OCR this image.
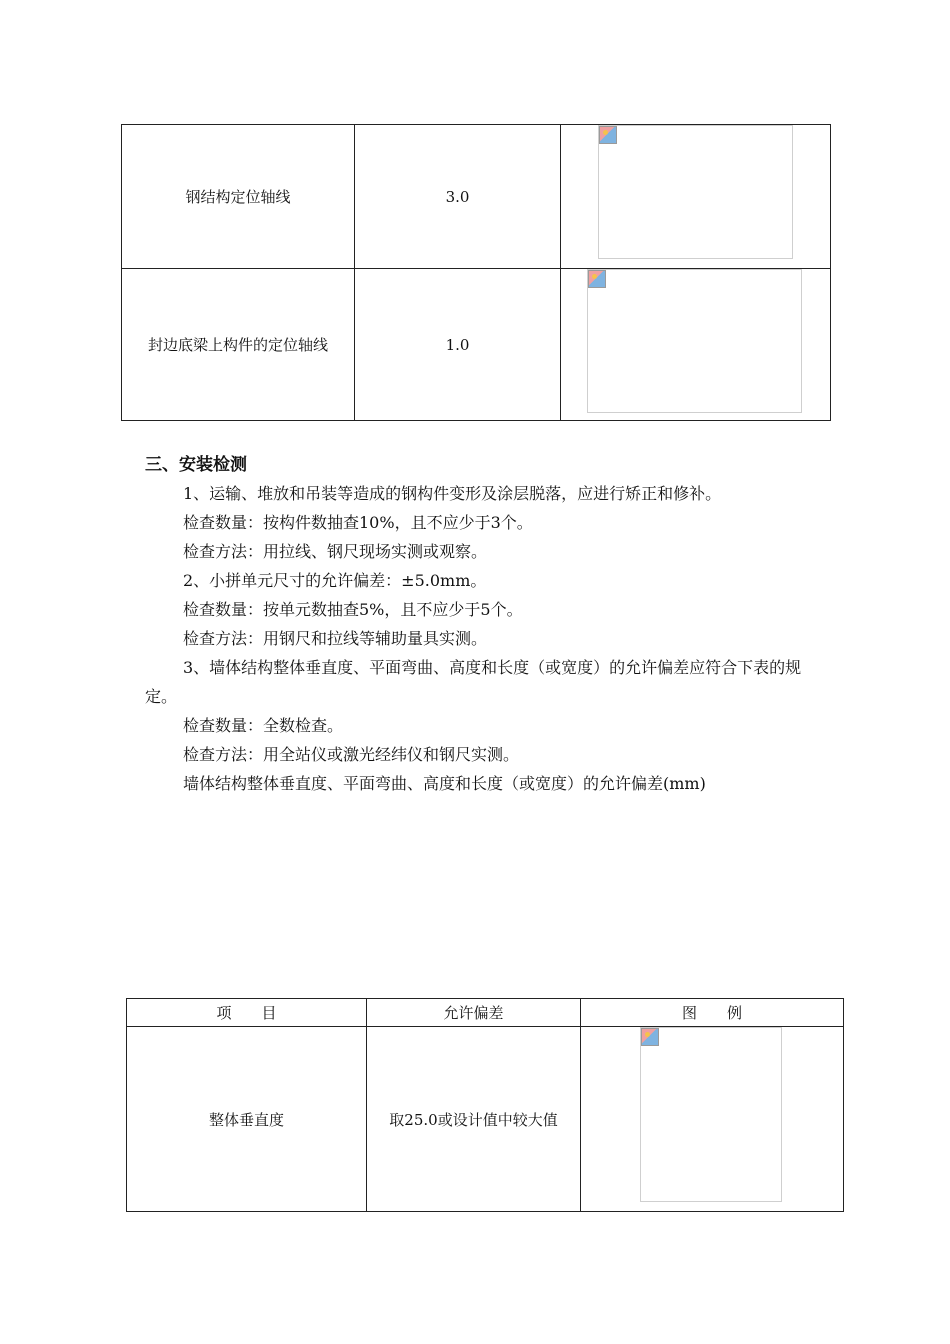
钢结构定位轴线	3.0	

封边底梁上构件的定位轴线	1.0	
三、安装检测

1、运输、堆放和吊装等造成的钢构件变形及涂层脱落，应进行矫正和修补。

检查数量：按构件数抽查10%，且不应少于3个。

检查方法：用拉线、钢尺现场实测或观察。

2、小拼单元尺寸的允许偏差：±5.0mm。

检查数量：按单元数抽查5%，且不应少于5个。

检查方法：用钢尺和拉线等辅助量具实测。

3、墙体结构整体垂直度、平面弯曲、高度和长度（或宽度）的允许偏差应符合下表的规定。

检查数量：全数检查。

检查方法：用全站仪或激光经纬仪和钢尺实测。

墙体结构整体垂直度、平面弯曲、高度和长度（或宽度）的允许偏差(mm)

项　　目	允许偏差	图　　例
整体垂直度	取25.0或设计值中较大值	
